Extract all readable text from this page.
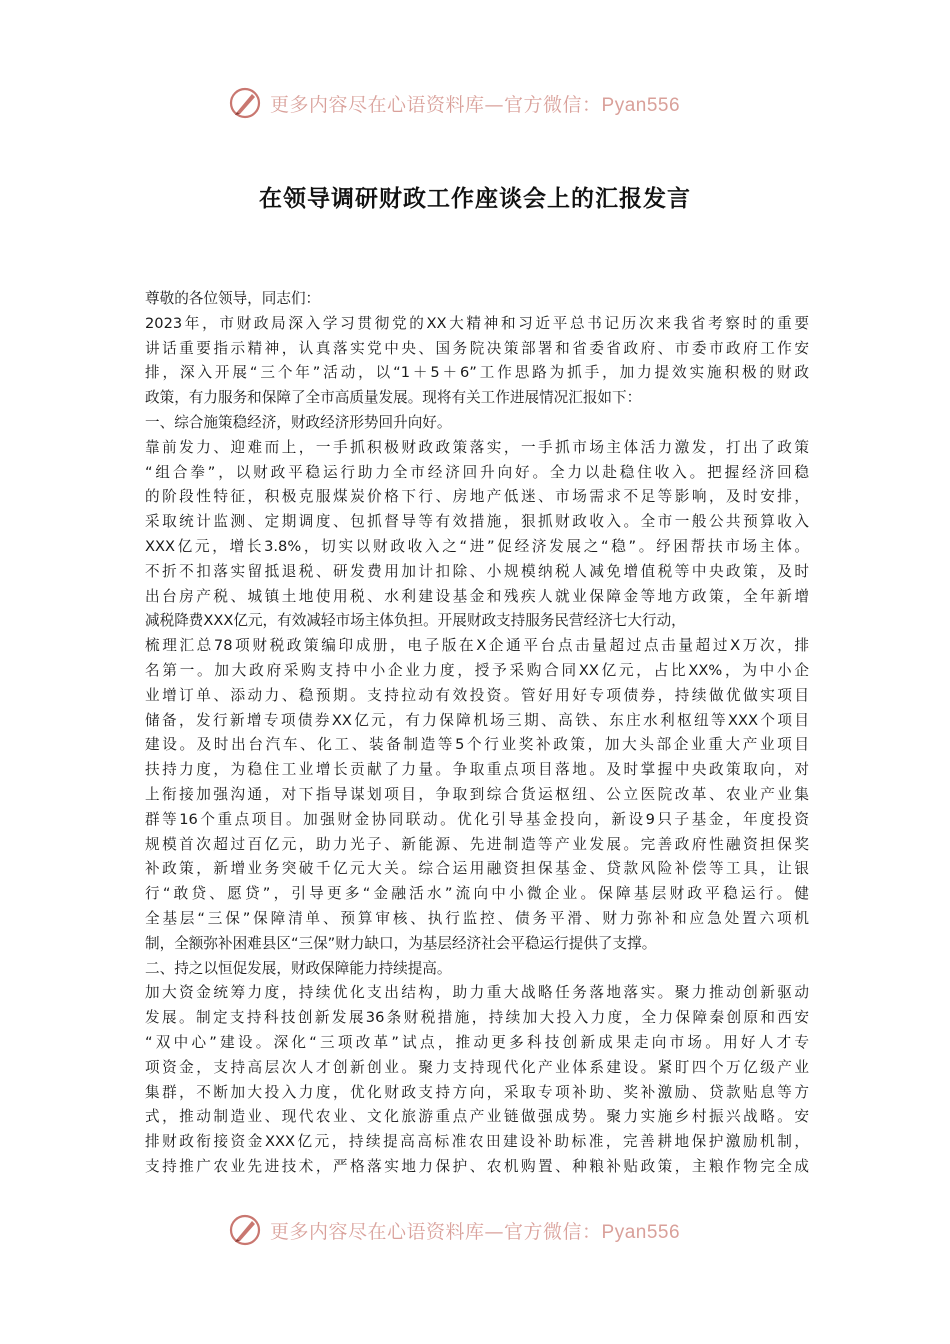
更多内容尽在心语资料库—官方微信：Pyan556
在领导调研财政工作座谈会上的汇报发言
尊敬的各位领导，同志们：
2023年，市财政局深入学习贯彻党的XX大精神和习近平总书记历次来我省考察时的重要
讲话重要指示精神，认真落实党中央、国务院决策部署和省委省政府、市委市政府工作安
排，深入开展“三个年”活动，以“1＋5＋6”工作思路为抓手，加力提效实施积极的财政
政策，有力服务和保障了全市高质量发展。现将有关工作进展情况汇报如下：
一、综合施策稳经济，财政经济形势回升向好。
靠前发力、迎难而上，一手抓积极财政政策落实，一手抓市场主体活力激发，打出了政策
“组合拳”，以财政平稳运行助力全市经济回升向好。全力以赴稳住收入。把握经济回稳
的阶段性特征，积极克服煤炭价格下行、房地产低迷、市场需求不足等影响，及时安排，
采取统计监测、定期调度、包抓督导等有效措施，狠抓财政收入。全市一般公共预算收入
XXX亿元，增长3.8%，切实以财政收入之“进”促经济发展之“稳”。纾困帮扶市场主体。
不折不扣落实留抵退税、研发费用加计扣除、小规模纳税人减免增值税等中央政策，及时
出台房产税、城镇土地使用税、水利建设基金和残疾人就业保障金等地方政策，全年新增
减税降费XXX亿元，有效减轻市场主体负担。开展财政支持服务民营经济七大行动，
梳理汇总78项财税政策编印成册，电子版在X企通平台点击量超过点击量超过X万次，排
名第一。加大政府采购支持中小企业力度，授予采购合同XX亿元，占比XX%，为中小企
业增订单、添动力、稳预期。支持拉动有效投资。管好用好专项债券，持续做优做实项目
储备，发行新增专项债券XX亿元，有力保障机场三期、高铁、东庄水利枢纽等XXX个项目
建设。及时出台汽车、化工、装备制造等5个行业奖补政策，加大头部企业重大产业项目
扶持力度，为稳住工业增长贡献了力量。争取重点项目落地。及时掌握中央政策取向，对
上衔接加强沟通，对下指导谋划项目，争取到综合货运枢纽、公立医院改革、农业产业集
群等16个重点项目。加强财金协同联动。优化引导基金投向，新设9只子基金，年度投资
规模首次超过百亿元，助力光子、新能源、先进制造等产业发展。完善政府性融资担保奖
补政策，新增业务突破千亿元大关。综合运用融资担保基金、贷款风险补偿等工具，让银
行“敢贷、愿贷”，引导更多“金融活水”流向中小微企业。保障基层财政平稳运行。健
全基层“三保”保障清单、预算审核、执行监控、债务平滑、财力弥补和应急处置六项机
制，全额弥补困难县区“三保”财力缺口，为基层经济社会平稳运行提供了支撑。
二、持之以恒促发展，财政保障能力持续提高。
加大资金统筹力度，持续优化支出结构，助力重大战略任务落地落实。聚力推动创新驱动
发展。制定支持科技创新发展36条财税措施，持续加大投入力度，全力保障秦创原和西安
“双中心”建设。深化“三项改革”试点，推动更多科技创新成果走向市场。用好人才专
项资金，支持高层次人才创新创业。聚力支持现代化产业体系建设。紧盯四个万亿级产业
集群，不断加大投入力度，优化财政支持方向，采取专项补助、奖补激励、贷款贴息等方
式，推动制造业、现代农业、文化旅游重点产业链做强成势。聚力实施乡村振兴战略。安
排财政衔接资金XXX亿元，持续提高高标准农田建设补助标准，完善耕地保护激励机制，
支持推广农业先进技术，严格落实地力保护、农机购置、种粮补贴政策，主粮作物完全成
更多内容尽在心语资料库—官方微信：Pyan556
